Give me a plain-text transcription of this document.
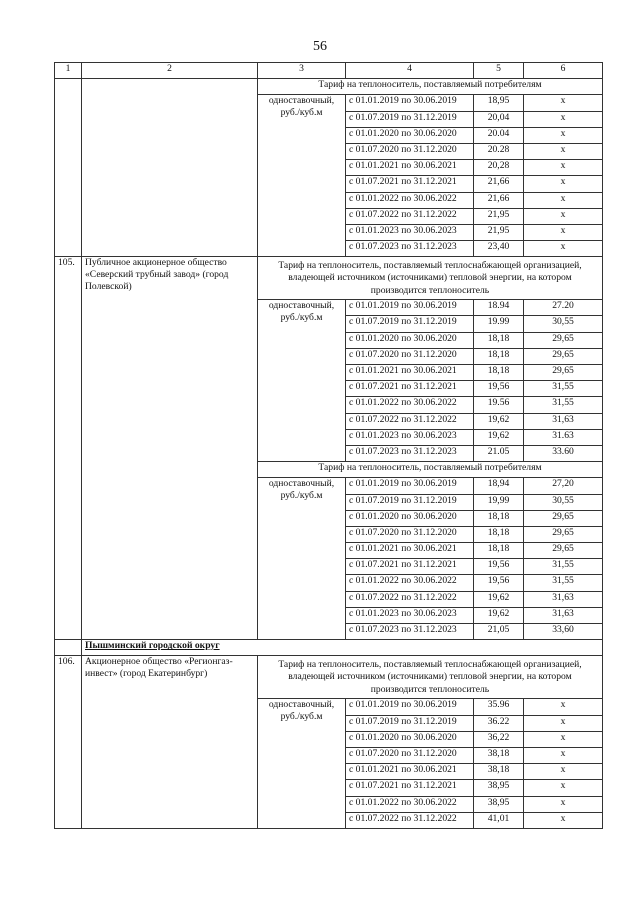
56
1	2	3	4	5	6
		Тариф на теплоноситель, поставляемый потребителям			
		одноставочный, руб./куб.м	с 01.01.2019 по 30.06.2019	18,95	x
			с 01.07.2019 по 31.12.2019	20,04	x
			с 01.01.2020 по 30.06.2020	20.04	x
			с 01.07.2020 по 31.12.2020	20.28	x
			с 01.01.2021 по 30.06.2021	20,28	x
			с 01.07.2021 по 31.12.2021	21,66	x
			с 01.01.2022 по 30.06.2022	21,66	x
			с 01.07.2022 по 31.12.2022	21,95	x
			с 01.01.2023 по 30.06.2023	21,95	x
			с 01.07.2023 по 31.12.2023	23,40	x
105.	Публичное акционерное общество «Северский трубный завод» (город Полевской)	Тариф на теплоноситель, поставляемый теплоснабжающей организацией, владеющей источником (источниками) тепловой энергии, на котором производится теплоноситель			
		одноставочный, руб./куб.м	с 01.01.2019 по 30.06.2019	18.94	27.20
			с 01.07.2019 по 31.12.2019	19.99	30,55
			с 01.01.2020 по 30.06.2020	18,18	29,65
			с 01.07.2020 по 31.12.2020	18,18	29,65
			с 01.01.2021 по 30.06.2021	18,18	29,65
			с 01.07.2021 по 31.12.2021	19,56	31,55
			с 01.01.2022 по 30.06.2022	19.56	31,55
			с 01.07.2022 по 31.12.2022	19,62	31,63
			с 01.01.2023 по 30.06.2023	19,62	31.63
			с 01.07.2023 по 31.12.2023	21.05	33.60
		Тариф на теплоноситель, поставляемый потребителям			
		одноставочный, руб./куб.м	с 01.01.2019 по 30.06.2019	18,94	27,20
			с 01.07.2019 по 31.12.2019	19,99	30,55
			с 01.01.2020 по 30.06.2020	18,18	29,65
			с 01.07.2020 по 31.12.2020	18,18	29,65
			с 01.01.2021 по 30.06.2021	18,18	29,65
			с 01.07.2021 по 31.12.2021	19,56	31,55
			с 01.01.2022 по 30.06.2022	19,56	31,55
			с 01.07.2022 по 31.12.2022	19,62	31,63
			с 01.01.2023 по 30.06.2023	19,62	31,63
			с 01.07.2023 по 31.12.2023	21,05	33,60
	Пышминский городской округ				
106.	Акционерное общество «Регионгаз-инвест» (город Екатеринбург)	Тариф на теплоноситель, поставляемый теплоснабжающей организацией, владеющей источником (источниками) тепловой энергии, на котором производится теплоноситель			
		одноставочный, руб./куб.м	с 01.01.2019 по 30.06.2019	35.96	x
			с 01.07.2019 по 31.12.2019	36.22	x
			с 01.01.2020 по 30.06.2020	36,22	x
			с 01.07.2020 по 31.12.2020	38,18	x
			с 01.01.2021 по 30.06.2021	38,18	x
			с 01.07.2021 по 31.12.2021	38,95	x
			с 01.01.2022 по 30.06.2022	38,95	x
			с 01.07.2022 по 31.12.2022	41,01	x
